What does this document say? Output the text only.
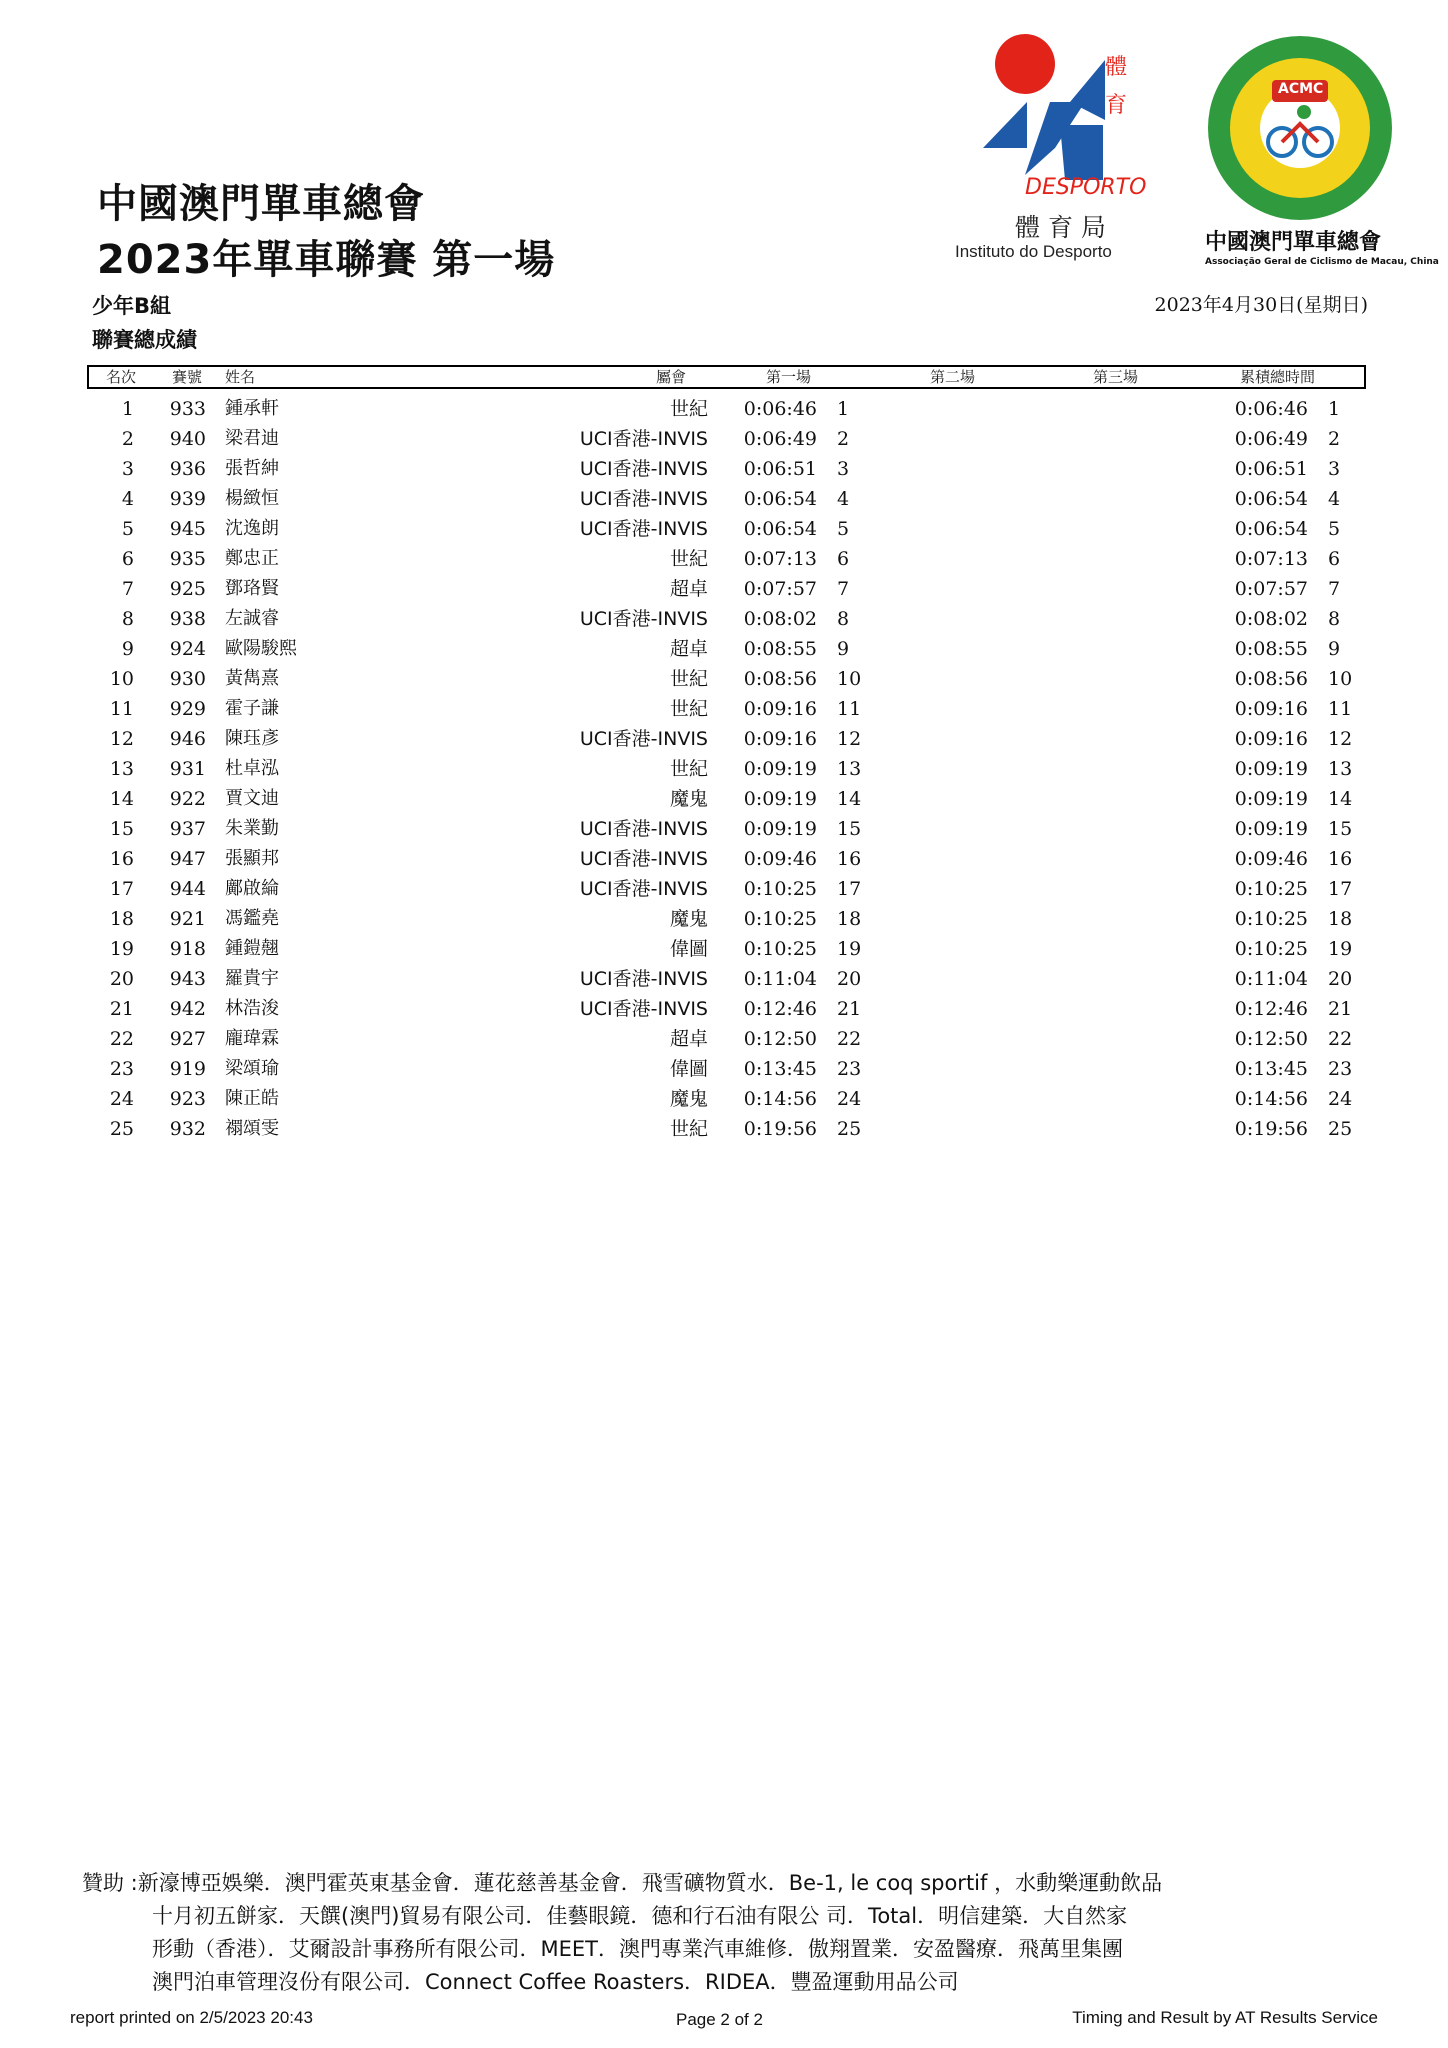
中國澳門單車總會
2023年單車聯賽 第一場
少年B組
聯賽總成績
2023年4月30日(星期日)
體
育
DESPORTO
體 育 局
Instituto do Desporto
ACMC
中國澳門單車總會
Associação Geral de Ciclismo de Macau, China
名次 賽號 姓名	屬會	第一場	第二場	第三場	累積總時間
1	933 鍾承軒	世紀 0:06:46 1	0:06:46 1
2	940 梁君迪	UCI香港-INVIS 0:06:49 2	0:06:49 2
3	936 張哲紳	UCI香港-INVIS 0:06:51 3	0:06:51 3
4	939 楊緻恒	UCI香港-INVIS 0:06:54 4	0:06:54 4
5	945 沈逸朗	UCI香港-INVIS 0:06:54 5	0:06:54 5
6	935 鄭忠正	世紀 0:07:13 6	0:07:13 6
7	925 鄧珞賢	超卓 0:07:57 7	0:07:57 7
8	938 左誠睿	UCI香港-INVIS 0:08:02 8	0:08:02 8
9	924 歐陽駿熙	超卓 0:08:55 9	0:08:55 9
10	930 黃雋熹	世紀 0:08:56 10	0:08:56 10
11	929 霍子謙	世紀 0:09:16 11	0:09:16 11
12	946 陳珏彥	UCI香港-INVIS 0:09:16 12	0:09:16 12
13	931 杜卓泓	世紀 0:09:19 13	0:09:19 13
14	922 賈文迪	魔鬼 0:09:19 14	0:09:19 14
15	937 朱業勤	UCI香港-INVIS 0:09:19 15	0:09:19 15
16	947 張顯邦	UCI香港-INVIS 0:09:46 16	0:09:46 16
17	944 鄺啟綸	UCI香港-INVIS 0:10:25 17	0:10:25 17
18	921 馮鑑堯	魔鬼 0:10:25 18	0:10:25 18
19	918 鍾鎧翹	偉圖 0:10:25 19	0:10:25 19
20	943 羅貴宇	UCI香港-INVIS 0:11:04 20	0:11:04 20
21	942 林浩浚	UCI香港-INVIS 0:12:46 21	0:12:46 21
22	927 龐瑋霖	超卓 0:12:50 22	0:12:50 22
23	919 梁頌瑜	偉圖 0:13:45 23	0:13:45 23
24	923 陳正皓	魔鬼 0:14:56 24	0:14:56 24
25	932 禤頌雯	世紀 0:19:56 25	0:19:56 25
贊助 :新濠博亞娛樂．澳門霍英東基金會．蓮花慈善基金會．飛雪礦物質水．Be-1, le coq sportif ，水動樂運動飲品
十月初五餅家．天饌(澳門)貿易有限公司．佳藝眼鏡．德和行石油有限公 司．Total．明信建築．大自然家
形動（香港）．艾爾設計事務所有限公司．MEET．澳門專業汽車維修．傲翔置業．安盈醫療．飛萬里集團
澳門泊車管理沒份有限公司．Connect Coffee Roasters．RIDEA．豐盈運動用品公司
report printed on 2/5/2023 20:43	Page 2 of 2	Timing and Result by AT Results Service
